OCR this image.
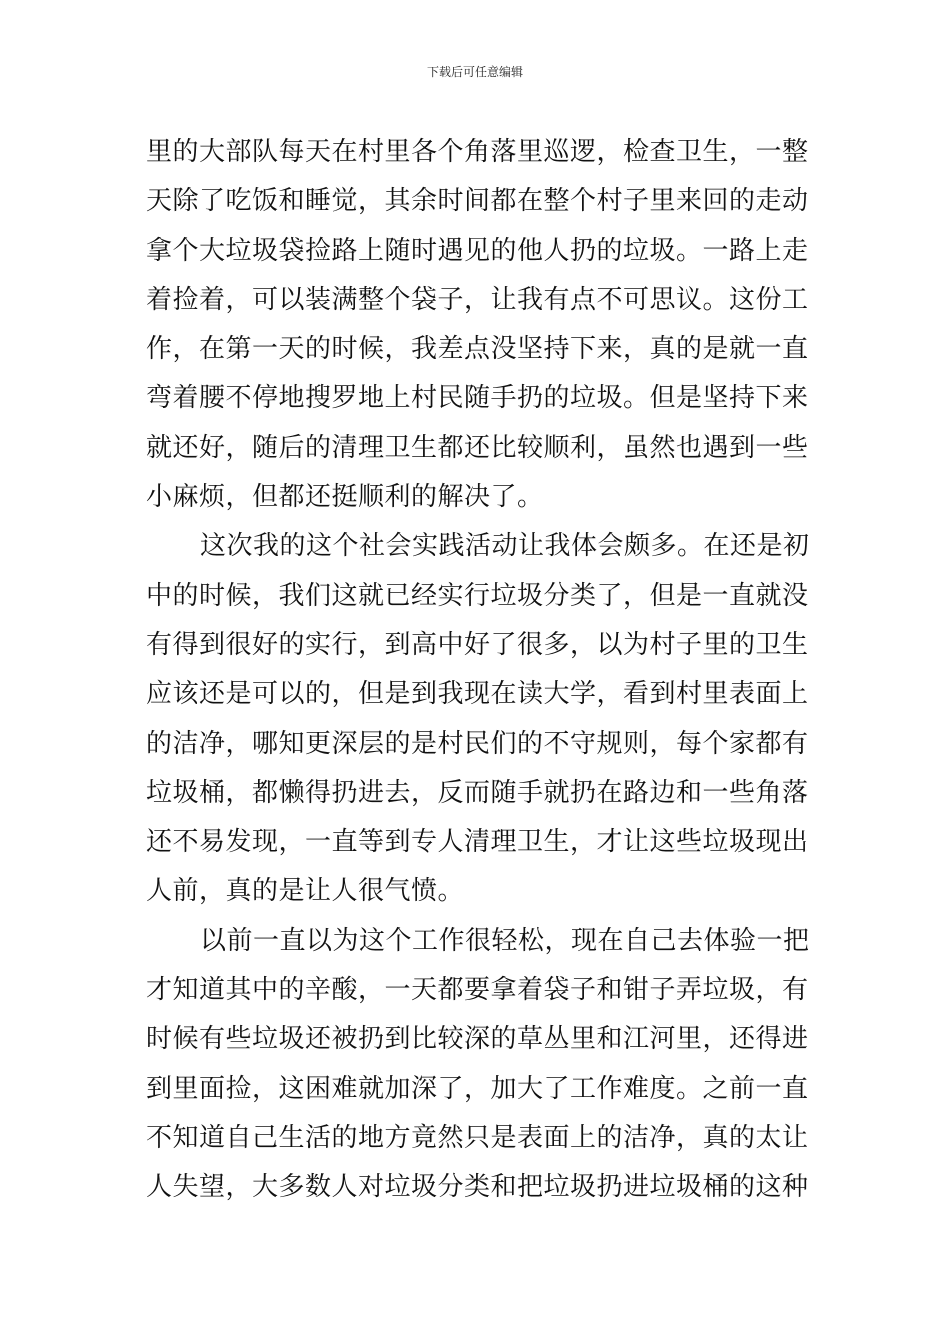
下载后可任意编辑
里的大部队每天在村里各个角落里巡逻，检查卫生，一整
天除了吃饭和睡觉，其余时间都在整个村子里来回的走动
拿个大垃圾袋捡路上随时遇见的他人扔的垃圾。一路上走
着捡着，可以装满整个袋子，让我有点不可思议。这份工
作，在第一天的时候，我差点没坚持下来，真的是就一直
弯着腰不停地搜罗地上村民随手扔的垃圾。但是坚持下来
就还好，随后的清理卫生都还比较顺利，虽然也遇到一些
小麻烦，但都还挺顺利的解决了。
这次我的这个社会实践活动让我体会颇多。在还是初
中的时候，我们这就已经实行垃圾分类了，但是一直就没
有得到很好的实行，到高中好了很多，以为村子里的卫生
应该还是可以的，但是到我现在读大学，看到村里表面上
的洁净，哪知更深层的是村民们的不守规则，每个家都有
垃圾桶，都懒得扔进去，反而随手就扔在路边和一些角落
还不易发现，一直等到专人清理卫生，才让这些垃圾现出
人前，真的是让人很气愤。
以前一直以为这个工作很轻松，现在自己去体验一把
才知道其中的辛酸，一天都要拿着袋子和钳子弄垃圾，有
时候有些垃圾还被扔到比较深的草丛里和江河里，还得进
到里面捡，这困难就加深了，加大了工作难度。之前一直
不知道自己生活的地方竟然只是表面上的洁净，真的太让
人失望，大多数人对垃圾分类和把垃圾扔进垃圾桶的这种
